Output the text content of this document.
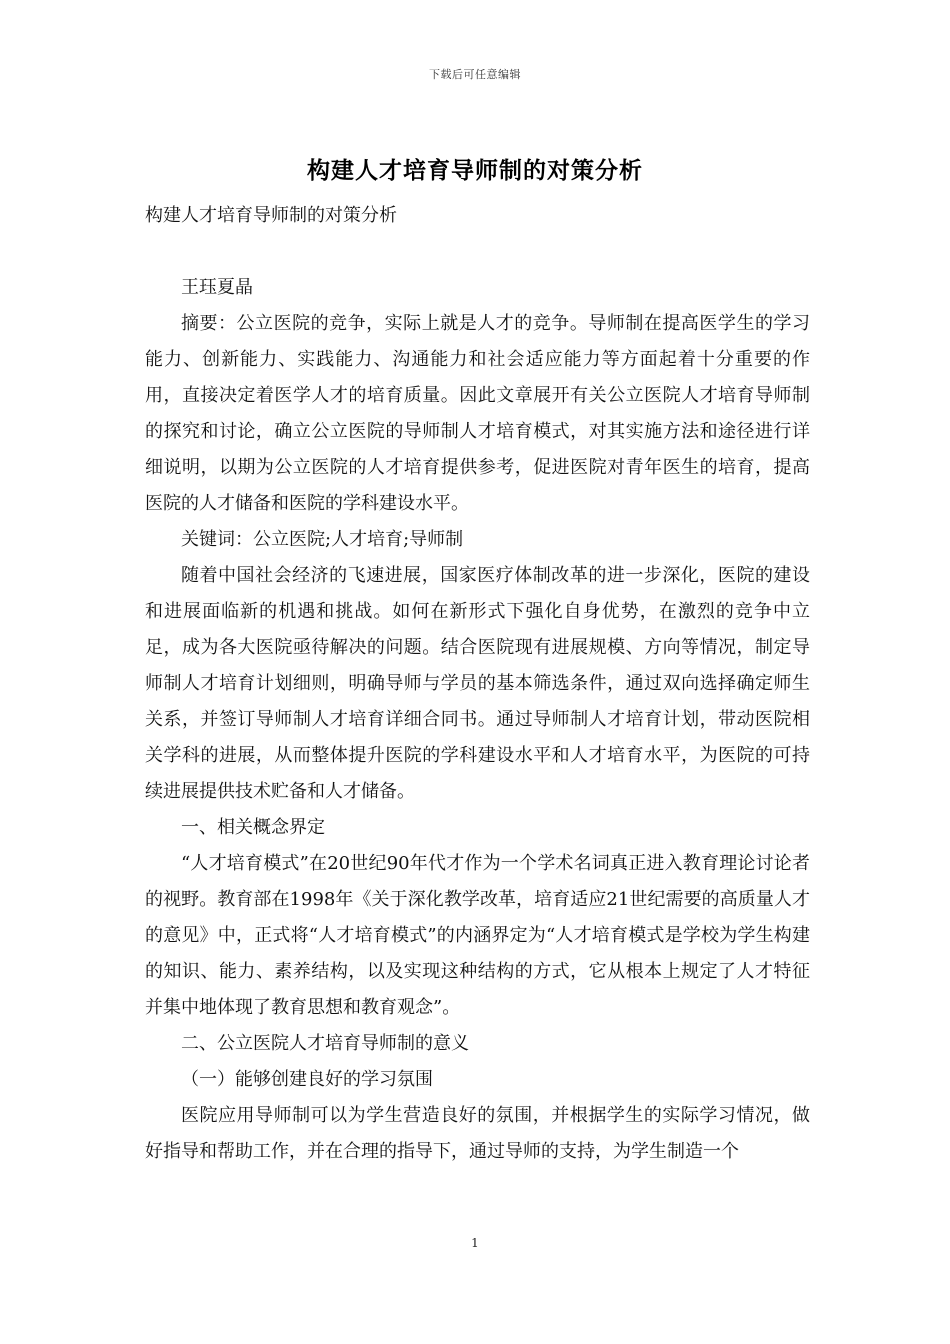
下载后可任意编辑
构建人才培育导师制的对策分析

构建人才培育导师制的对策分析

王珏夏晶

摘要：公立医院的竞争，实际上就是人才的竞争。导师制在提高医学生的学习能力、创新能力、实践能力、沟通能力和社会适应能力等方面起着十分重要的作用，直接决定着医学人才的培育质量。因此文章展开有关公立医院人才培育导师制的探究和讨论，确立公立医院的导师制人才培育模式，对其实施方法和途径进行详细说明，以期为公立医院的人才培育提供参考，促进医院对青年医生的培育，提高医院的人才储备和医院的学科建设水平。

关键词：公立医院;人才培育;导师制

随着中国社会经济的飞速进展，国家医疗体制改革的进一步深化，医院的建设和进展面临新的机遇和挑战。如何在新形式下强化自身优势，在激烈的竞争中立足，成为各大医院亟待解决的问题。结合医院现有进展规模、方向等情况，制定导师制人才培育计划细则，明确导师与学员的基本筛选条件，通过双向选择确定师生关系，并签订导师制人才培育详细合同书。通过导师制人才培育计划，带动医院相关学科的进展，从而整体提升医院的学科建设水平和人才培育水平，为医院的可持续进展提供技术贮备和人才储备。

一、相关概念界定

“人才培育模式”在20世纪90年代才作为一个学术名词真正进入教育理论讨论者的视野。教育部在1998年《关于深化教学改革，培育适应21世纪需要的高质量人才的意见》中，正式将“人才培育模式”的内涵界定为“人才培育模式是学校为学生构建的知识、能力、素养结构，以及实现这种结构的方式，它从根本上规定了人才特征并集中地体现了教育思想和教育观念”。

二、公立医院人才培育导师制的意义

（一）能够创建良好的学习氛围

医院应用导师制可以为学生营造良好的氛围，并根据学生的实际学习情况，做好指导和帮助工作，并在合理的指导下，通过导师的支持，为学生制造一个

1
